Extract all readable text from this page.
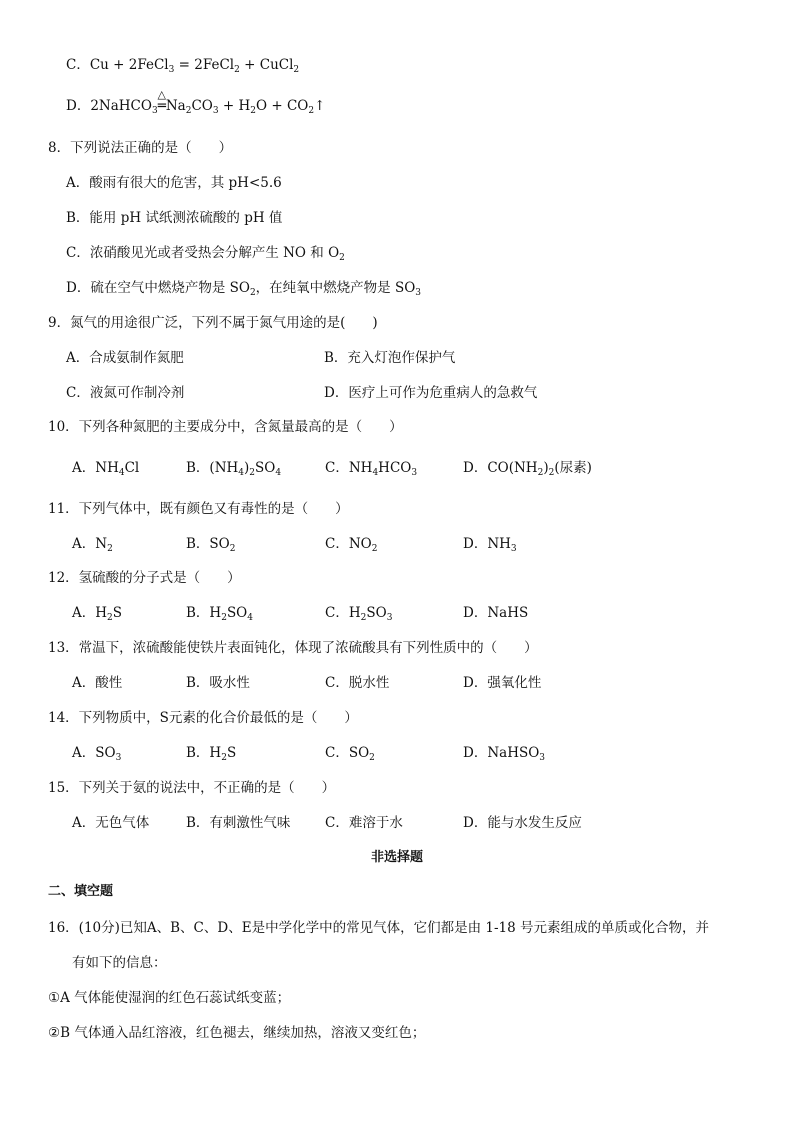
C．Cu + 2FeCl$_3$ = 2FeCl$_2$ + CuCl$_2$
D．2NaHCO$_3$
△
$═Na_2CO_3 + H_2O$ + $CO_2↑$
8．下列说法正确的是（　　）
A．酸雨有很大的危害，其 pH<5.6
B．能用 pH 试纸测浓硫酸的 pH 值
C．浓硝酸见光或者受热会分解产生 NO 和 $O_2$
D．硫在空气中燃烧产物是 $SO_2$，在纯氧中燃烧产物是 $SO_3$
9．氮气的用途很广泛，下列不属于氮气用途的是(　　)
A．合成氨制作氮肥	B．充入灯泡作保护气
C．液氮可作制冷剂	D．医疗上可作为危重病人的急救气
10．下列各种氮肥的主要成分中，含氮量最高的是（　　）
A．$NH_4Cl$	B．$(NH_4)_2SO_4$	C．$NH_4HCO_3$	D．$CO(NH_2)_2$(尿素)
11．下列气体中，既有颜色又有毒性的是（　　）
A．$N_2$	B．$SO_2$	C．$NO_2$	D．$NH_3$
12．氢硫酸的分子式是（　　）
A．$H_2S$	B．$H_2SO_4$	C．$H_2SO_3$	D．NaHS
13．常温下，浓硫酸能使铁片表面钝化，体现了浓硫酸具有下列性质中的（　　）
A．酸性	B．吸水性	C．脱水性	D．强氧化性
14．下列物质中，S元素的化合价最低的是（　　）
A．$SO_3$	B．$H_2S$	C．$SO_2$	D．NaHSO$_3$
15．下列关于氨的说法中，不正确的是（　　）
A．无色气体	B．有刺激性气味	C．难溶于水	D．能与水发生反应
非选择题
二、填空题
16．(10分)已知A、B、C、D、E是中学化学中的常见气体，它们都是由 1-18 号元素组成的单质或化合物，并
有如下的信息：
①A 气体能使湿润的红色石蕊试纸变蓝；
②B 气体通入品红溶液，红色褪去，继续加热，溶液又变红色；
